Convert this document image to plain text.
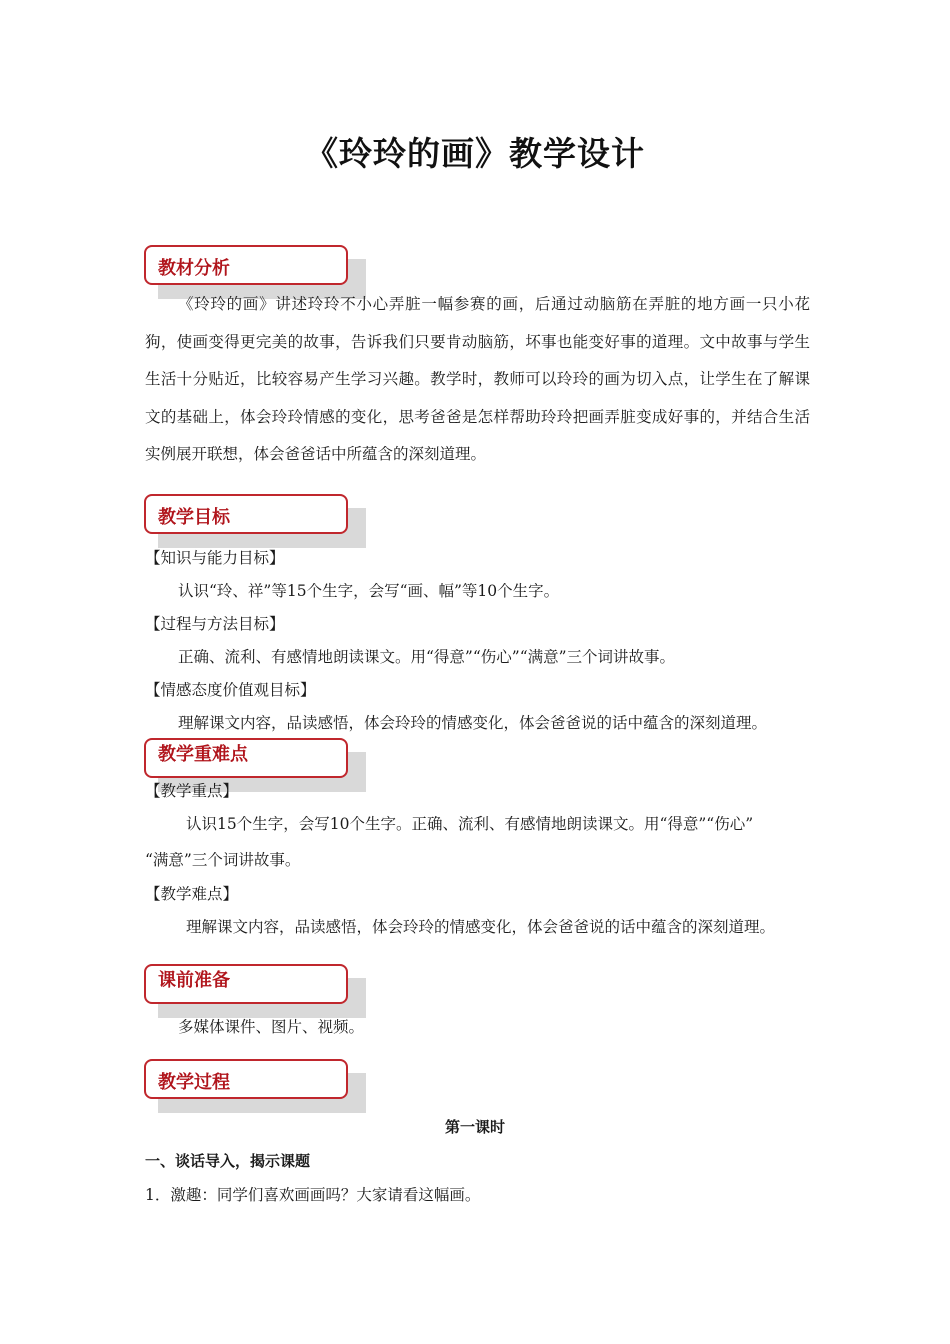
《玲玲的画》教学设计
教材分析
《玲玲的画》讲述玲玲不小心弄脏一幅参赛的画，后通过动脑筋在弄脏的地方画一只小花狗，使画变得更完美的故事，告诉我们只要肯动脑筋，坏事也能变好事的道理。文中故事与学生生活十分贴近，比较容易产生学习兴趣。教学时，教师可以玲玲的画为切入点，让学生在了解课文的基础上，体会玲玲情感的变化，思考爸爸是怎样帮助玲玲把画弄脏变成好事的，并结合生活实例展开联想，体会爸爸话中所蕴含的深刻道理。
教学目标
【知识与能力目标】
认识“玲、祥”等15个生字，会写“画、幅”等10个生字。
【过程与方法目标】
正确、流利、有感情地朗读课文。用“得意”“伤心”“满意”三个词讲故事。
【情感态度价值观目标】
教学重难点
理解课文内容，品读感悟，体会玲玲的情感变化，体会爸爸说的话中蕴含的深刻道理。
【教学重点】
认识15个生字，会写10个生字。正确、流利、有感情地朗读课文。用“得意”“伤心”
“满意”三个词讲故事。
【教学难点】
理解课文内容，品读感悟，体会玲玲的情感变化，体会爸爸说的话中蕴含的深刻道理。
课前准备
多媒体课件、图片、视频。
教学过程
第一课时
一、谈话导入，揭示课题
1．激趣：同学们喜欢画画吗？大家请看这幅画。
